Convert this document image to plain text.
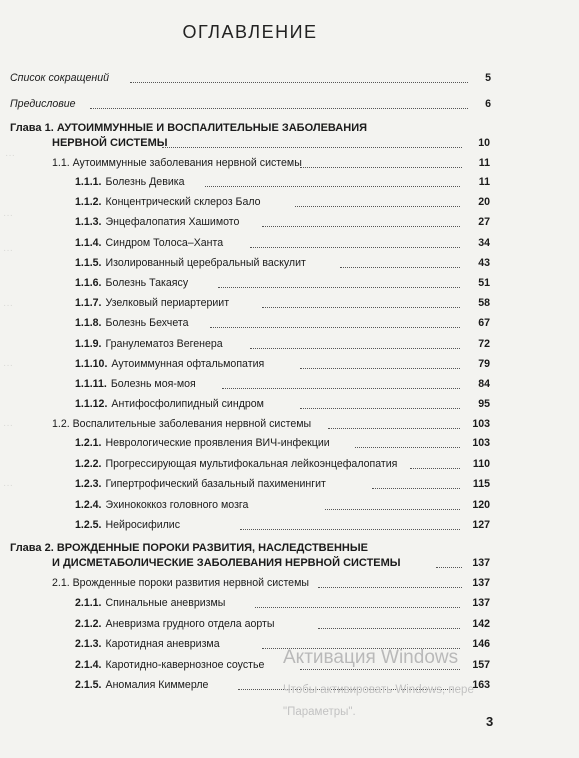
···
···
···
···
···
···
···
ОГЛАВЛЕНИЕ
Список сокращений	5
Предисловие	6
Глава 1. АУТОИММУННЫЕ И ВОСПАЛИТЕЛЬНЫЕ ЗАБОЛЕВАНИЯ
НЕРВНОЙ СИСТЕМЫ	10
1.1. Аутоиммунные заболевания нервной системы	11
1.1.1. Болезнь Девика	11
1.1.2. Концентрический склероз Бало	20
1.1.3. Энцефалопатия Хашимото	27
1.1.4. Синдром Толоса–Ханта	34
1.1.5. Изолированный церебральный васкулит	43
1.1.6. Болезнь Такаясу	51
1.1.7. Узелковый периартериит	58
1.1.8. Болезнь Бехчета	67
1.1.9. Гранулематоз Вегенера	72
1.1.10. Аутоиммунная офтальмопатия	79
1.1.11. Болезнь моя-моя	84
1.1.12. Антифосфолипидный синдром	95
1.2. Воспалительные заболевания нервной системы	103
1.2.1. Неврологические проявления ВИЧ-инфекции	103
1.2.2. Прогрессирующая мультифокальная лейкоэнцефалопатия	110
1.2.3. Гипертрофический базальный пахименингит	115
1.2.4. Эхинококкоз головного мозга	120
1.2.5. Нейросифилис	127
Глава 2. ВРОЖДЕННЫЕ ПОРОКИ РАЗВИТИЯ, НАСЛЕДСТВЕННЫЕ
И ДИСМЕТАБОЛИЧЕСКИЕ ЗАБОЛЕВАНИЯ НЕРВНОЙ СИСТЕМЫ	137
2.1. Врожденные пороки развития нервной системы	137
2.1.1. Спинальные аневризмы	137
2.1.2. Аневризма грудного отдела аорты	142
2.1.3. Каротидная аневризма	146
2.1.4. Каротидно-кавернозное соустье	157
2.1.5. Аномалия Киммерле	163
Активация Windows
Чтобы активировать Windows, пере
"Параметры".
3
